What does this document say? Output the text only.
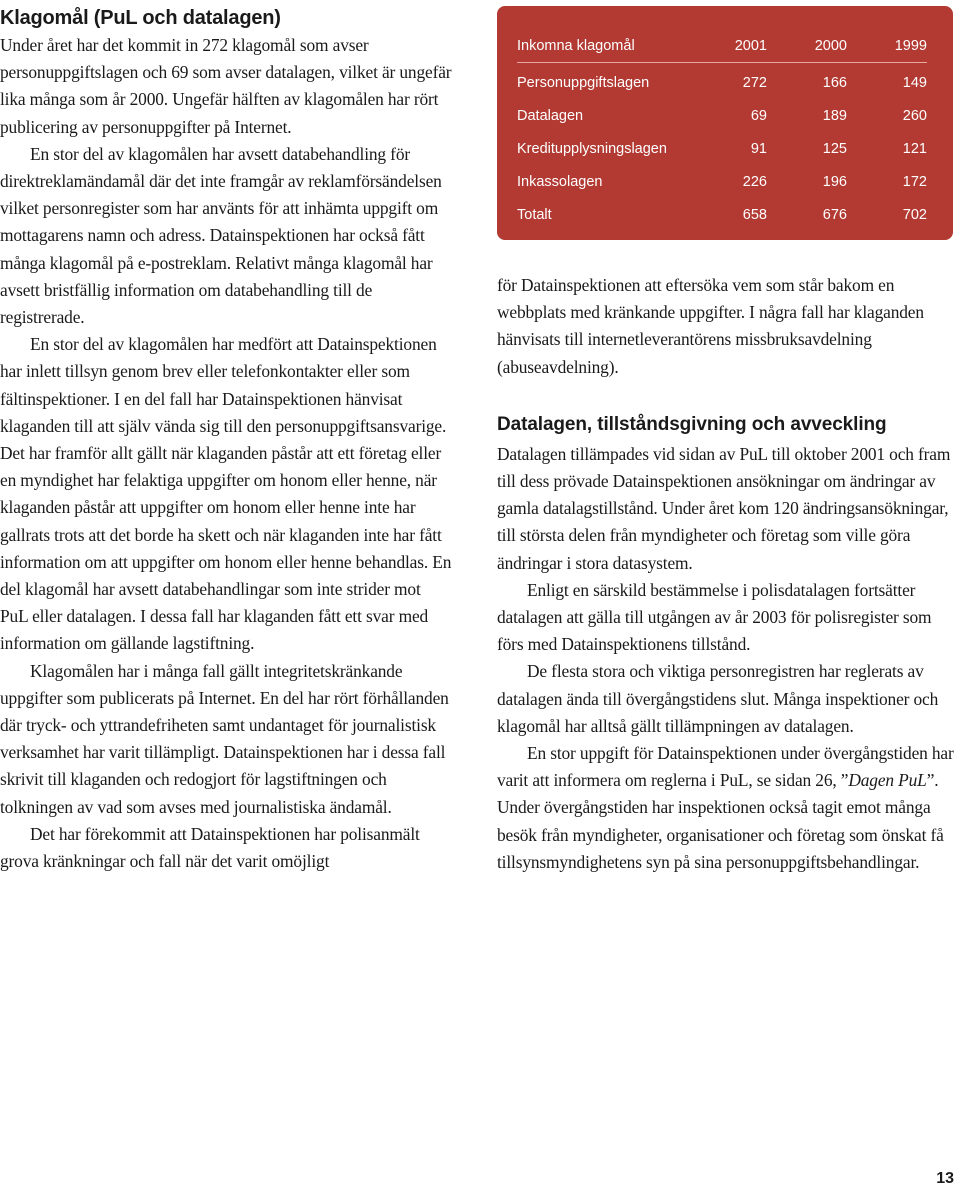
Klagomål (PuL och datalagen)

Under året har det kommit in 272 klagomål som avser personuppgiftslagen och 69 som avser datalagen, vilket är ungefär lika många som år 2000. Ungefär hälften av klagomålen har rört publicering av personuppgifter på Internet.

En stor del av klagomålen har avsett databehandling för direktreklamändamål där det inte framgår av reklamförsändelsen vilket personregister som har använts för att inhämta uppgift om mottagarens namn och adress. Datainspektionen har också fått många klagomål på e-postreklam. Relativt många klagomål har avsett bristfällig information om databehandling till de registrerade.

En stor del av klagomålen har medfört att Datainspektionen har inlett tillsyn genom brev eller telefonkontakter eller som fältinspektioner. I en del fall har Datainspektionen hänvisat klaganden till att själv vända sig till den personuppgiftsansvarige. Det har framför allt gällt när klaganden påstår att ett företag eller en myndighet har felaktiga uppgifter om honom eller henne, när klaganden påstår att uppgifter om honom eller henne inte har gallrats trots att det borde ha skett och när klaganden inte har fått information om att uppgifter om honom eller henne behandlas. En del klagomål har avsett databehandlingar som inte strider mot PuL eller datalagen. I dessa fall har klaganden fått ett svar med information om gällande lagstiftning.

Klagomålen har i många fall gällt integritetskränkande uppgifter som publicerats på Internet. En del har rört förhållanden där tryck- och yttrandefriheten samt undantaget för journalistisk verksamhet har varit tillämpligt. Datainspektionen har i dessa fall skrivit till klaganden och redogjort för lagstiftningen och tolkningen av vad som avses med journalistiska ändamål.

Det har förekommit att Datainspektionen har polisanmält grova kränkningar och fall när det varit omöjligt

Inkomna klagomål	2001	2000	1999
Personuppgiftslagen	272	166	149
Datalagen	69	189	260
Kreditupplysningslagen	91	125	121
Inkassolagen	226	196	172
Totalt	658	676	702

för Datainspektionen att eftersöka vem som står bakom en webbplats med kränkande uppgifter. I några fall har klaganden hänvisats till internetleverantörens missbruksavdelning (abuseavdelning).

Datalagen, tillståndsgivning och avveckling

Datalagen tillämpades vid sidan av PuL till oktober 2001 och fram till dess prövade Datainspektionen ansökningar om ändringar av gamla datalagstillstånd. Under året kom 120 ändringsansökningar, till största delen från myndigheter och företag som ville göra ändringar i stora datasystem.

Enligt en särskild bestämmelse i polisdatalagen fortsätter datalagen att gälla till utgången av år 2003 för polisregister som förs med Datainspektionens tillstånd.

De flesta stora och viktiga personregistren har reglerats av datalagen ända till övergångstidens slut. Många inspektioner och klagomål har alltså gällt tillämpningen av datalagen.

En stor uppgift för Datainspektionen under övergångstiden har varit att informera om reglerna i PuL, se sidan 26, ”Dagen PuL”. Under övergångstiden har inspektionen också tagit emot många besök från myndigheter, organisationer och företag som önskat få tillsynsmyndighetens syn på sina personuppgiftsbehandlingar.

13
